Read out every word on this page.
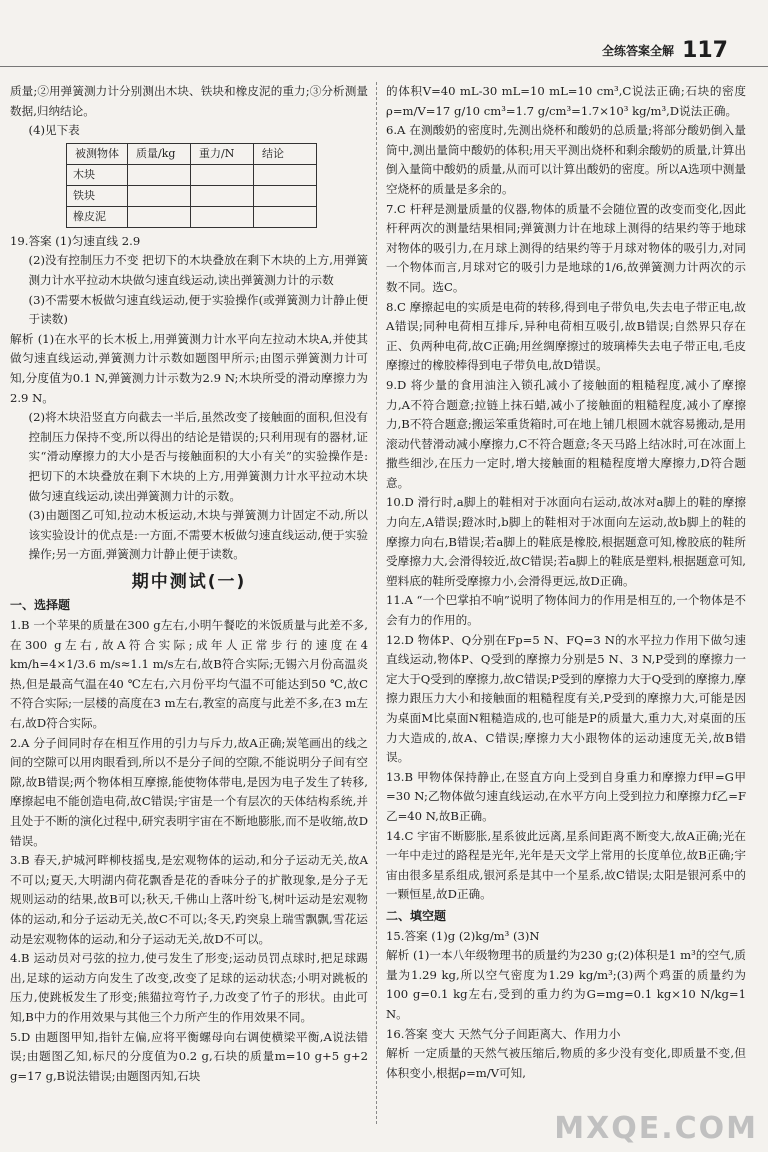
全练答案全解 117

质量;②用弹簧测力计分别测出木块、铁块和橡皮泥的重力;③分析测量数据,归纳结论。

(4)见下表

被测物体	质量/kg	重力/N	结论
木块			
铁块			
橡皮泥			

19.答案 (1)匀速直线 2.9

(2)没有控制压力不变 把切下的木块叠放在剩下木块的上方,用弹簧测力计水平拉动木块做匀速直线运动,读出弹簧测力计的示数

(3)不需要木板做匀速直线运动,便于实验操作(或弹簧测力计静止便于读数)

解析 (1)在水平的长木板上,用弹簧测力计水平向左拉动木块A,并使其做匀速直线运动,弹簧测力计示数如题图甲所示;由图示弹簧测力计可知,分度值为0.1 N,弹簧测力计示数为2.9 N;木块所受的滑动摩擦力为2.9 N。

(2)将木块沿竖直方向截去一半后,虽然改变了接触面的面积,但没有控制压力保持不变,所以得出的结论是错误的;只利用现有的器材,证实“滑动摩擦力的大小是否与接触面积的大小有关”的实验操作是:把切下的木块叠放在剩下木块的上方,用弹簧测力计水平拉动木块做匀速直线运动,读出弹簧测力计的示数。

(3)由题图乙可知,拉动木板运动,木块与弹簧测力计固定不动,所以该实验设计的优点是:一方面,不需要木板做匀速直线运动,便于实验操作;另一方面,弹簧测力计静止便于读数。

期中测试(一)
一、选择题

1.B 一个苹果的质量在300 g左右,小明午餐吃的米饭质量与此差不多,在300 g左右,故A符合实际;成年人正常步行的速度在4 km/h=4×1/3.6 m/s≈1.1 m/s左右,故B符合实际;无锡六月份高温炎热,但是最高气温在40 ℃左右,六月份平均气温不可能达到50 ℃,故C不符合实际;一层楼的高度在3 m左右,教室的高度与此差不多,在3 m左右,故D符合实际。

2.A 分子间同时存在相互作用的引力与斥力,故A正确;炭笔画出的线之间的空隙可以用肉眼看到,所以不是分子间的空隙,不能说明分子间有空隙,故B错误;两个物体相互摩擦,能使物体带电,是因为电子发生了转移,摩擦起电不能创造电荷,故C错误;宇宙是一个有层次的天体结构系统,并且处于不断的演化过程中,研究表明宇宙在不断地膨胀,而不是收缩,故D错误。

3.B 春天,护城河畔柳枝摇曳,是宏观物体的运动,和分子运动无关,故A不可以;夏天,大明湖内荷花飘香是花的香味分子的扩散现象,是分子无规则运动的结果,故B可以;秋天,千佛山上落叶纷飞,树叶运动是宏观物体的运动,和分子运动无关,故C不可以;冬天,趵突泉上瑞雪飘飘,雪花运动是宏观物体的运动,和分子运动无关,故D不可以。

4.B 运动员对弓弦的拉力,使弓发生了形变;运动员罚点球时,把足球踢出,足球的运动方向发生了改变,改变了足球的运动状态;小明对跳板的压力,使跳板发生了形变;熊猫拉弯竹子,力改变了竹子的形状。由此可知,B中力的作用效果与其他三个力所产生的作用效果不同。

5.D 由题图甲知,指针左偏,应将平衡螺母向右调使横梁平衡,A说法错误;由题图乙知,标尺的分度值为0.2 g,石块的质量m=10 g+5 g+2 g=17 g,B说法错误;由题图丙知,石块

的体积V=40 mL-30 mL=10 mL=10 cm³,C说法正确;石块的密度ρ=m/V=17 g/10 cm³=1.7 g/cm³=1.7×10³ kg/m³,D说法正确。

6.A 在测酸奶的密度时,先测出烧杯和酸奶的总质量;将部分酸奶倒入量筒中,测出量筒中酸奶的体积;用天平测出烧杯和剩余酸奶的质量,计算出倒入量筒中酸奶的质量,从而可以计算出酸奶的密度。所以A选项中测量空烧杯的质量是多余的。

7.C 杆秤是测量质量的仪器,物体的质量不会随位置的改变而变化,因此杆秤两次的测量结果相同;弹簧测力计在地球上测得的结果约等于地球对物体的吸引力,在月球上测得的结果约等于月球对物体的吸引力,对同一个物体而言,月球对它的吸引力是地球的1/6,故弹簧测力计两次的示数不同。选C。

8.C 摩擦起电的实质是电荷的转移,得到电子带负电,失去电子带正电,故A错误;同种电荷相互排斥,异种电荷相互吸引,故B错误;自然界只存在正、负两种电荷,故C正确;用丝绸摩擦过的玻璃棒失去电子带正电,毛皮摩擦过的橡胶棒得到电子带负电,故D错误。

9.D 将少量的食用油注入锁孔减小了接触面的粗糙程度,减小了摩擦力,A不符合题意;拉链上抹石蜡,减小了接触面的粗糙程度,减小了摩擦力,B不符合题意;搬运笨重货箱时,可在地上铺几根圆木就容易搬动,是用滚动代替滑动减小摩擦力,C不符合题意;冬天马路上结冰时,可在冰面上撒些细沙,在压力一定时,增大接触面的粗糙程度增大摩擦力,D符合题意。

10.D 滑行时,a脚上的鞋相对于冰面向右运动,故冰对a脚上的鞋的摩擦力向左,A错误;蹬冰时,b脚上的鞋相对于冰面向左运动,故b脚上的鞋的摩擦力向右,B错误;若a脚上的鞋底是橡胶,根据题意可知,橡胶底的鞋所受摩擦力大,会滑得较近,故C错误;若a脚上的鞋底是塑料,根据题意可知,塑料底的鞋所受摩擦力小,会滑得更远,故D正确。

11.A “一个巴掌拍不响”说明了物体间力的作用是相互的,一个物体是不会有力的作用的。

12.D 物体P、Q分别在Fp=5 N、FQ=3 N的水平拉力作用下做匀速直线运动,物体P、Q受到的摩擦力分别是5 N、3 N,P受到的摩擦力一定大于Q受到的摩擦力,故C错误;P受到的摩擦力大于Q受到的摩擦力,摩擦力跟压力大小和接触面的粗糙程度有关,P受到的摩擦力大,可能是因为桌面M比桌面N粗糙造成的,也可能是P的质量大,重力大,对桌面的压力大造成的,故A、C错误;摩擦力大小跟物体的运动速度无关,故B错误。

13.B 甲物体保持静止,在竖直方向上受到自身重力和摩擦力f甲=G甲=30 N;乙物体做匀速直线运动,在水平方向上受到拉力和摩擦力f乙=F乙=40 N,故B正确。

14.C 宇宙不断膨胀,星系彼此远离,星系间距离不断变大,故A正确;光在一年中走过的路程是光年,光年是天文学上常用的长度单位,故B正确;宇宙由很多星系组成,银河系是其中一个星系,故C错误;太阳是银河系中的一颗恒星,故D正确。

二、填空题

15.答案 (1)g (2)kg/m³ (3)N

解析 (1)一本八年级物理书的质量约为230 g;(2)体积是1 m³的空气,质量为1.29 kg,所以空气密度为1.29 kg/m³;(3)两个鸡蛋的质量约为100 g=0.1 kg左右,受到的重力约为G=mg=0.1 kg×10 N/kg=1 N。

16.答案 变大 天然气分子间距离大、作用力小

解析 一定质量的天然气被压缩后,物质的多少没有变化,即质量不变,但体积变小,根据ρ=m/V可知,

MXQE.COM
